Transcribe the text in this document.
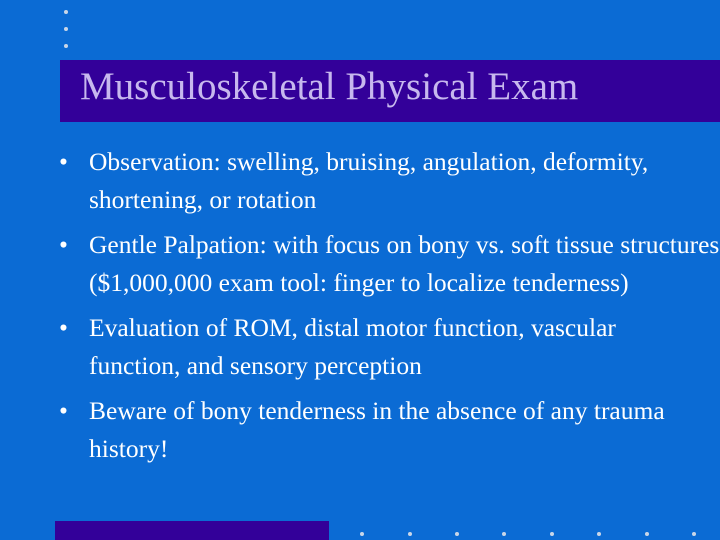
Musculoskeletal Physical Exam
• Observation: swelling, bruising, angulation, deformity, shortening, or rotation
• Gentle Palpation: with focus on bony vs. soft tissue structures ($1,000,000 exam tool: finger to localize tenderness)
• Evaluation of ROM, distal motor function, vascular function, and sensory perception
• Beware of bony tenderness in the absence of any trauma history!
